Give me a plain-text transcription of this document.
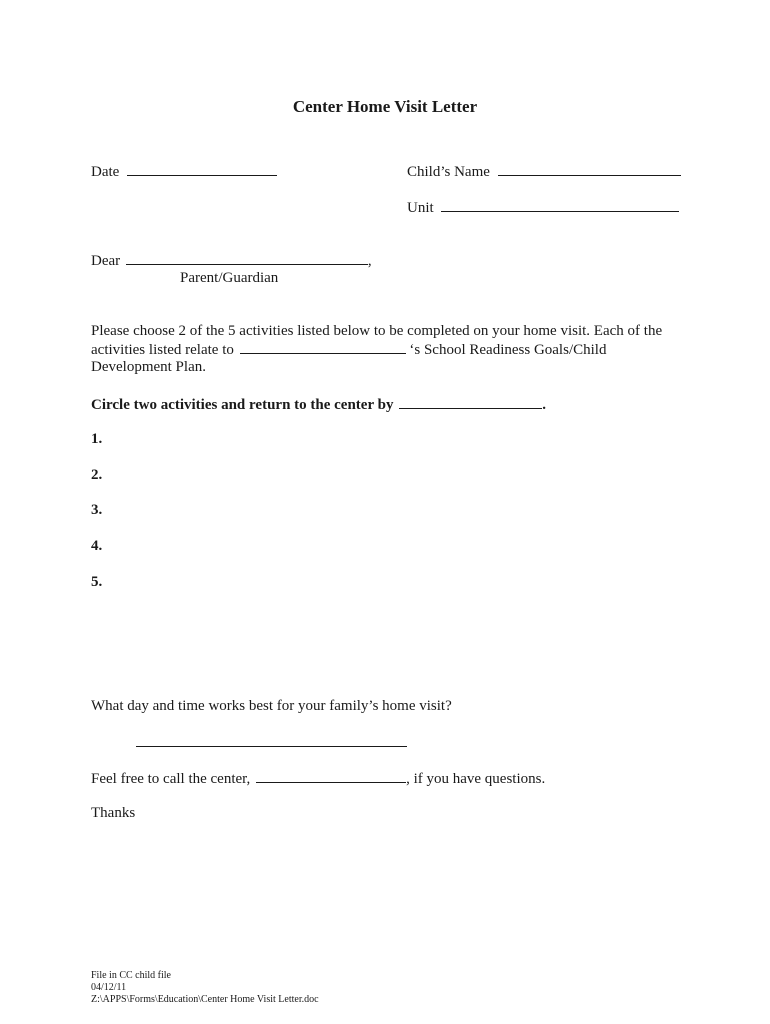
Center Home Visit Letter
Date	Child’s Name
Unit
Dear	,
Parent/Guardian
Please choose 2 of the 5 activities listed below to be completed on your home visit. Each of the
activities listed relate to	‘s School Readiness Goals/Child
Development Plan.
Circle two activities and return to the center by	.
1.
2.
3.
4.
5.
What day and time works best for your family’s home visit?
Feel free to call the center,	, if you have questions.
Thanks
File in CC child file
04/12/11
Z:\APPS\Forms\Education\Center Home Visit Letter.doc
